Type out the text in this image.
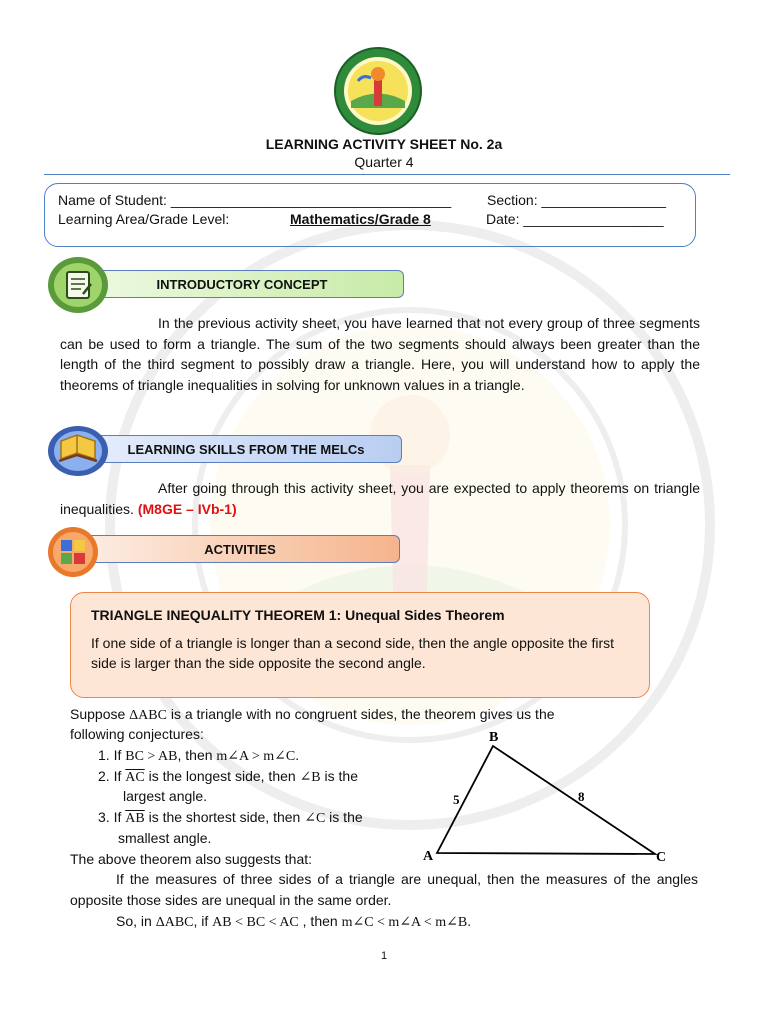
LEARNING ACTIVITY SHEET No. 2a
Quarter 4
Name of Student: ____________________________________	Section: ________________
Learning Area/Grade Level:	Mathematics/Grade 8	Date: __________________
INTRODUCTORY CONCEPT
In the previous activity sheet, you have learned that not every group of three segments can be used to form a triangle. The sum of the two segments should always been greater than the length of the third segment to possibly draw a triangle. Here, you will understand how to apply the theorems of triangle inequalities in solving for unknown values in a triangle.
LEARNING SKILLS FROM THE MELCs
After going through this activity sheet, you are expected to apply theorems on triangle inequalities. (M8GE – IVb-1)
ACTIVITIES
TRIANGLE INEQUALITY THEOREM 1: Unequal Sides Theorem
If one side of a triangle is longer than a second side, then the angle opposite the first side is larger than the side opposite the second angle.
Suppose ΔABC is a triangle with no congruent sides, the theorem gives us the
following conjectures:
1. If BC > AB, then m∠A > m∠C.
2. If $\overline{AC}$ is the longest side, then ∠B is the
largest angle.
3. If $\overline{AB}$ is the shortest side, then ∠C is the
smallest angle.
The above theorem also suggests that:
If the measures of three sides of a triangle are unequal, then the measures of the angles opposite those sides are unequal in the same order.
So, in ΔABC, if AB < BC < AC , then m∠C < m∠A < m∠B.
A
B
C
5	8
1
